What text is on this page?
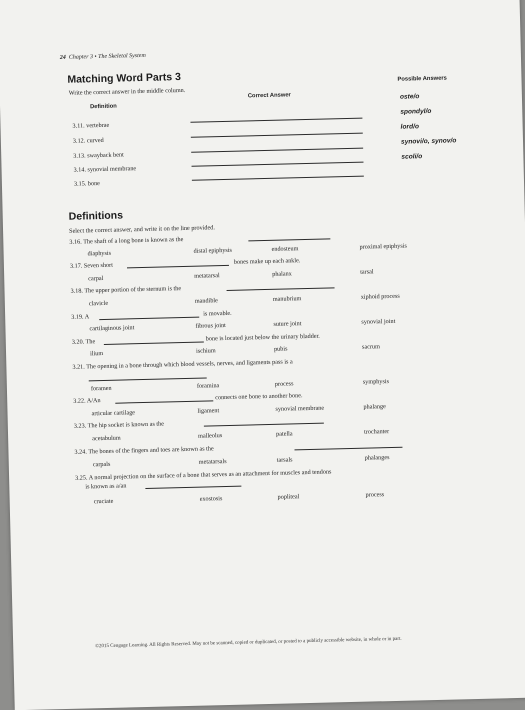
24 Chapter 3 • The Skeletal System
Matching Word Parts 3
Write the correct answer in the middle column.
Definition
Correct Answer
Possible Answers
3.11. vertebrae
3.12. curved
3.13. swayback bent
3.14. synovial membrane
3.15. bone
oste/o
spondyl/o
lord/o
synovi/o, synov/o
scoli/o
Definitions
Select the correct answer, and write it on the line provided.
3.16. The shaft of a long bone is known as the
diaphysis	distal epiphysis	endosteum	proximal epiphysis
3.17. Seven short	bones make up each ankle.
carpal	metatarsal	phalanx	tarsal
3.18. The upper portion of the sternum is the
clavicle	mandible	manubrium	xiphoid process
3.19. A	is movable.
cartilaginous joint	fibrous joint	suture joint	synovial joint
3.20. The	bone is located just below the urinary bladder.
ilium	ischium	pubis	sacrum
3.21. The opening in a bone through which blood vessels, nerves, and ligaments pass is a
foramen	foramina	process	symphysis
3.22. A/An	connects one bone to another bone.
articular cartilage	ligament	synovial membrane	phalange
3.23. The hip socket is known as the
acetabulum	malleolus	patella	trochanter
3.24. The bones of the fingers and toes are known as the
carpals	metatarsals	tarsals	phalanges
3.25. A normal projection on the surface of a bone that serves as an attachment for muscles and tendons
is known as a/an
cruciate	exostosis	popliteal	process
©2015 Cengage Learning. All Rights Reserved. May not be scanned, copied or duplicated, or posted to a publicly accessible website, in whole or in part.
